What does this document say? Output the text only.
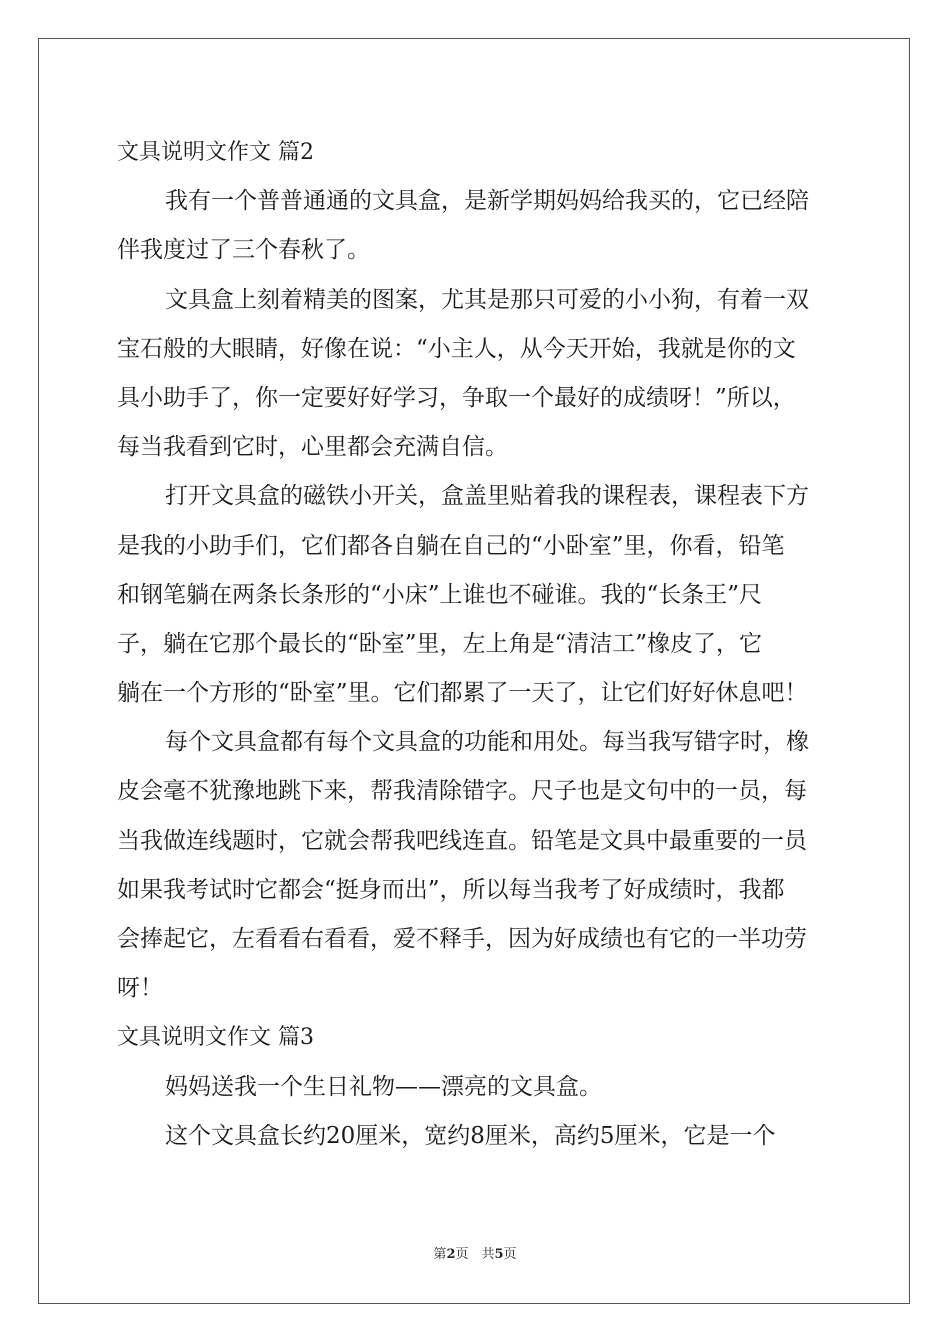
文具说明文作文 篇2
我有一个普普通通的文具盒，是新学期妈妈给我买的，它已经陪
伴我度过了三个春秋了。
文具盒上刻着精美的图案，尤其是那只可爱的小小狗，有着一双
宝石般的大眼睛，好像在说：“小主人，从今天开始，我就是你的文
具小助手了，你一定要好好学习，争取一个最好的成绩呀！”所以，
每当我看到它时，心里都会充满自信。
打开文具盒的磁铁小开关，盒盖里贴着我的课程表，课程表下方
是我的小助手们，它们都各自躺在自己的“小卧室”里，你看，铅笔
和钢笔躺在两条长条形的“小床”上谁也不碰谁。我的“长条王”尺
子，躺在它那个最长的“卧室”里，左上角是“清洁工”橡皮了，它
躺在一个方形的“卧室”里。它们都累了一天了，让它们好好休息吧！
每个文具盒都有每个文具盒的功能和用处。每当我写错字时，橡
皮会毫不犹豫地跳下来，帮我清除错字。尺子也是文句中的一员，每
当我做连线题时，它就会帮我吧线连直。铅笔是文具中最重要的一员
如果我考试时它都会“挺身而出”，所以每当我考了好成绩时，我都
会捧起它，左看看右看看，爱不释手，因为好成绩也有它的一半功劳
呀！
文具说明文作文 篇3
妈妈送我一个生日礼物——漂亮的文具盒。
这个文具盒长约20厘米，宽约8厘米，高约5厘米，它是一个
第2页　共5页
